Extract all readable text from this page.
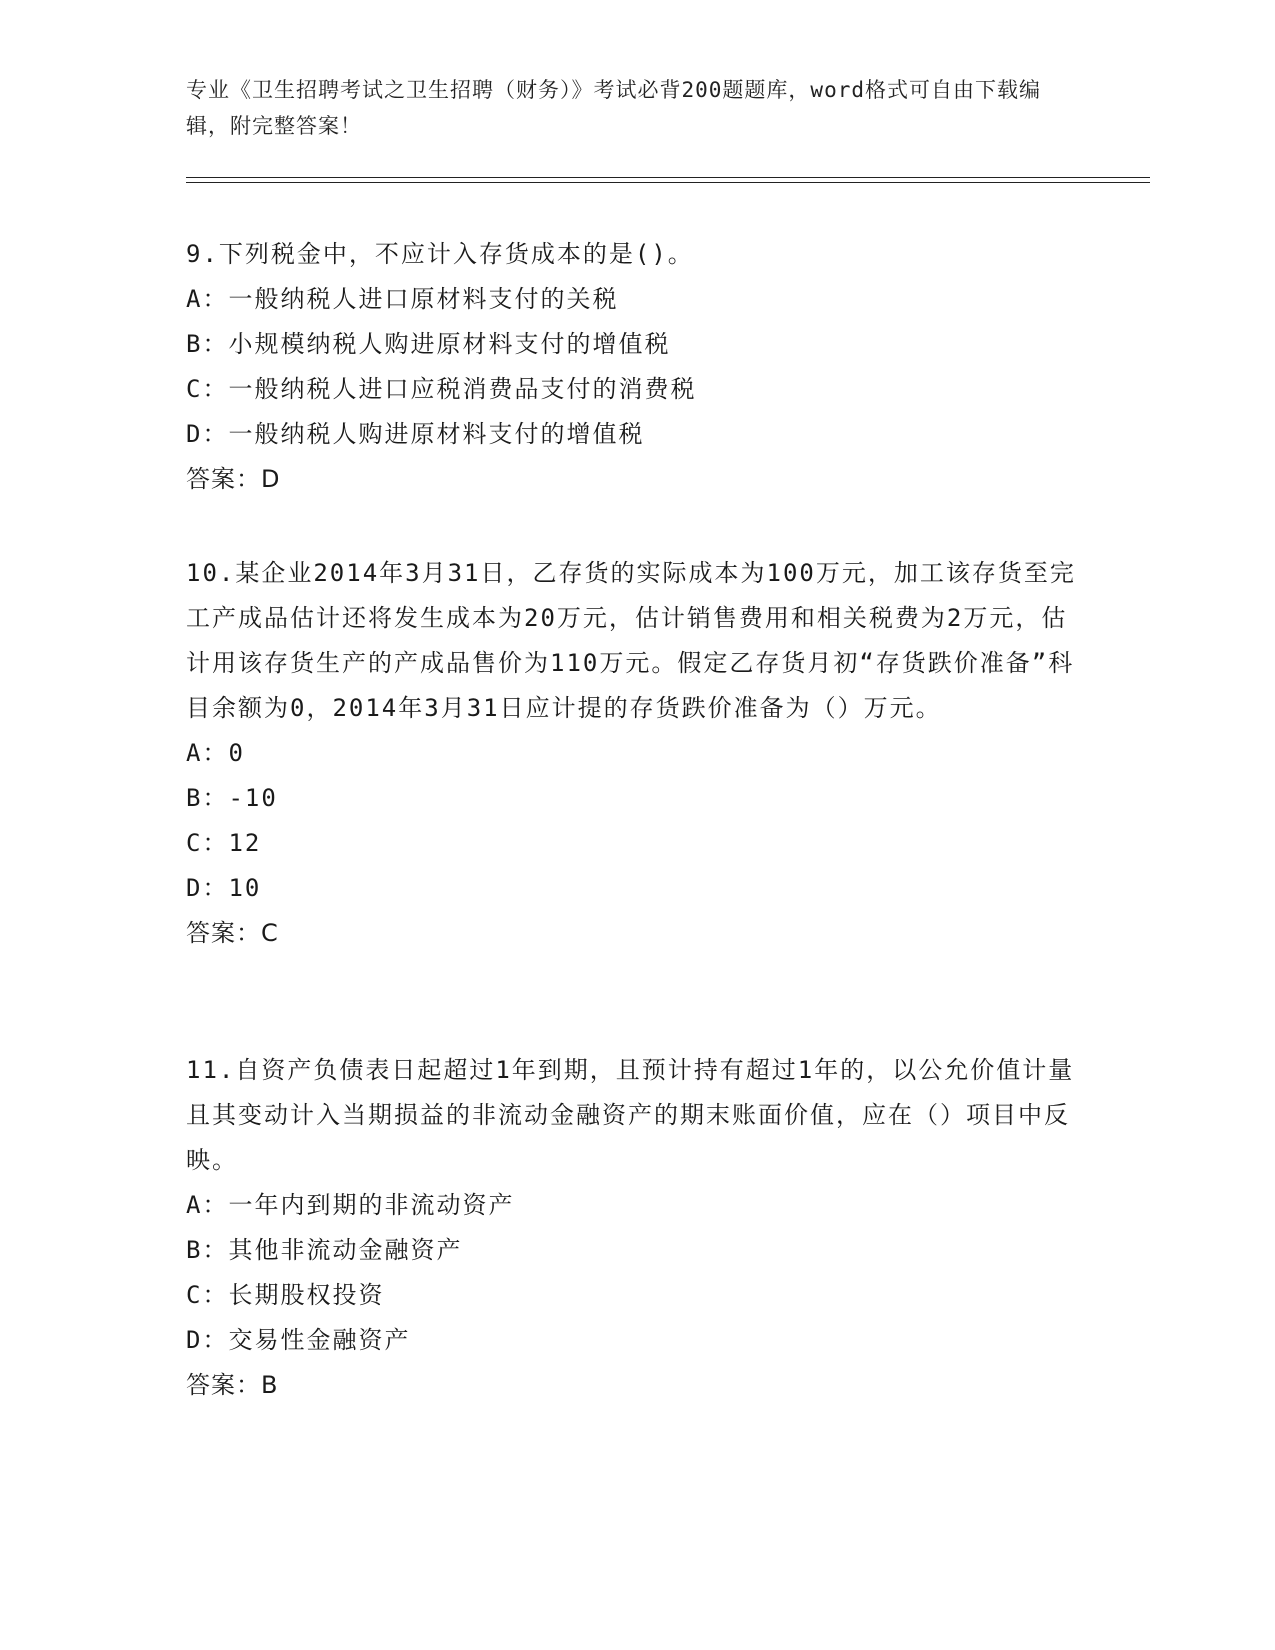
专业《卫生招聘考试之卫生招聘（财务）》考试必背200题题库，word格式可自由下载编辑，附完整答案！

9.下列税金中，不应计入存货成本的是()。

A：一般纳税人进口原材料支付的关税

B：小规模纳税人购进原材料支付的增值税

C：一般纳税人进口应税消费品支付的消费税

D：一般纳税人购进原材料支付的增值税

答案：D

10.某企业2014年3月31日，乙存货的实际成本为100万元，加工该存货至完工产成品估计还将发生成本为20万元，估计销售费用和相关税费为2万元，估计用该存货生产的产成品售价为110万元。假定乙存货月初“存货跌价准备”科目余额为0，2014年3月31日应计提的存货跌价准备为（）万元。

A：0

B：-10

C：12

D：10

答案：C

11.自资产负债表日起超过1年到期，且预计持有超过1年的，以公允价值计量且其变动计入当期损益的非流动金融资产的期末账面价值，应在（）项目中反映。

A：一年内到期的非流动资产

B：其他非流动金融资产

C：长期股权投资

D：交易性金融资产

答案：B
